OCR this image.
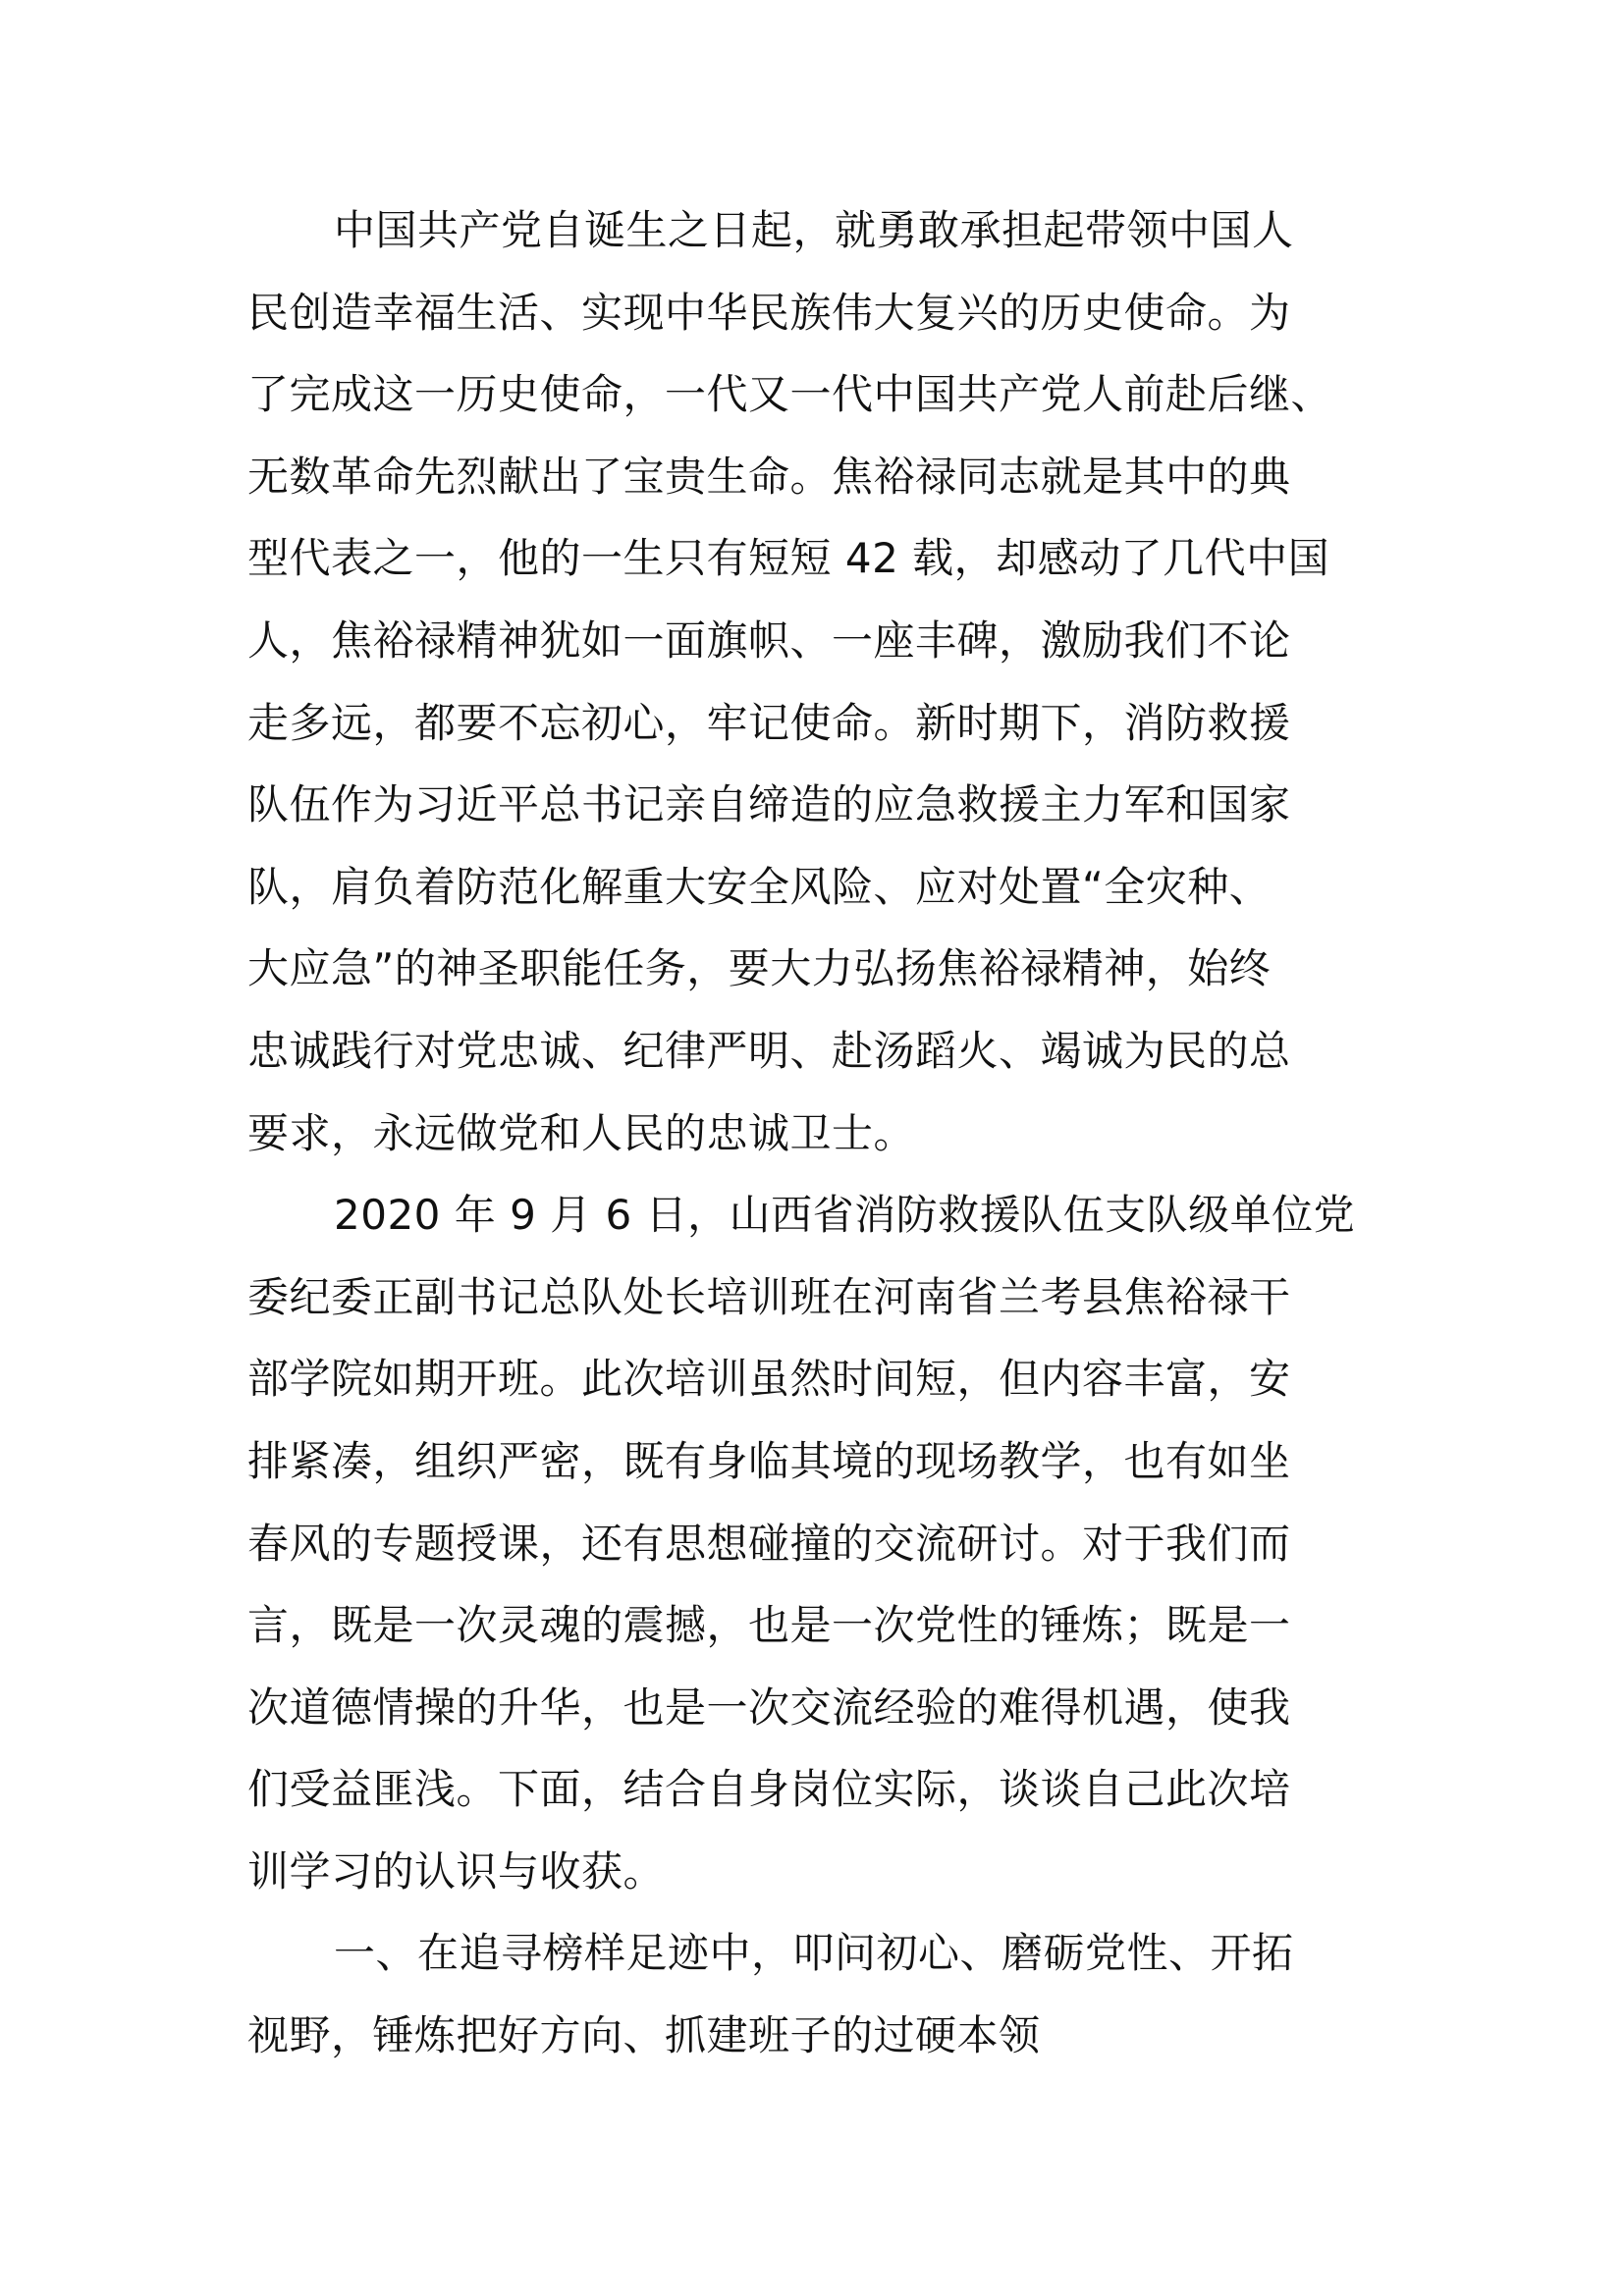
中国共产党自诞生之日起，就勇敢承担起带领中国人
民创造幸福生活、实现中华民族伟大复兴的历史使命。为
了完成这一历史使命，一代又一代中国共产党人前赴后继、
无数革命先烈献出了宝贵生命。焦裕禄同志就是其中的典
型代表之一，他的一生只有短短 42 载，却感动了几代中国
人，焦裕禄精神犹如一面旗帜、一座丰碑，激励我们不论
走多远，都要不忘初心，牢记使命。新时期下，消防救援
队伍作为习近平总书记亲自缔造的应急救援主力军和国家
队，肩负着防范化解重大安全风险、应对处置“全灾种、
大应急”的神圣职能任务，要大力弘扬焦裕禄精神，始终
忠诚践行对党忠诚、纪律严明、赴汤蹈火、竭诚为民的总
要求，永远做党和人民的忠诚卫士。
2020 年 9 月 6 日，山西省消防救援队伍支队级单位党
委纪委正副书记总队处长培训班在河南省兰考县焦裕禄干
部学院如期开班。此次培训虽然时间短，但内容丰富，安
排紧凑，组织严密，既有身临其境的现场教学，也有如坐
春风的专题授课，还有思想碰撞的交流研讨。对于我们而
言，既是一次灵魂的震撼，也是一次党性的锤炼；既是一
次道德情操的升华，也是一次交流经验的难得机遇，使我
们受益匪浅。下面，结合自身岗位实际，谈谈自己此次培
训学习的认识与收获。
一、在追寻榜样足迹中，叩问初心、磨砺党性、开拓
视野，锤炼把好方向、抓建班子的过硬本领
